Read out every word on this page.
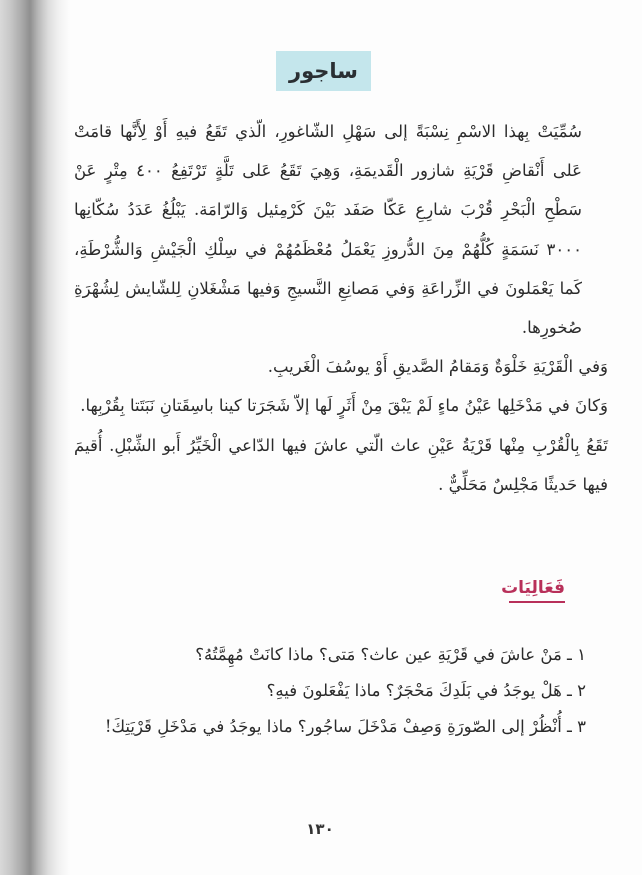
ساجور

سُمِّيَتْ بِهذا الاسْمِ نِسْبَةً إلى سَهْلِ الشّاغورِ، الّذي تَقَعُ فيهِ أَوْ لِأَنَّها قامَتْ عَلى أَنْقاضِ قَرْيَةِ شازور الْقَديمَةِ، وَهِيَ تَقَعُ عَلى تَلَّةٍ تَرْتَفِعُ ٤٠٠ مِتْرٍ عَنْ سَطْحِ الْبَحْرِ قُرْبَ شارِعِ عَكّا صَفَد بَيْنَ كَرْمِئيل وَالرّامَة. يَبْلُغُ عَدَدُ سُكّانِها ٣٠٠٠ نَسَمَةٍ كُلُّهُمْ مِنَ الدُّروزِ يَعْمَلُ مُعْظَمُهُمْ في سِلْكِ الْجَيْشِ وَالشُّرْطَةِ، كَما يَعْمَلونَ في الزِّراعَةِ وَفي مَصانِعِ النَّسيجِ وَفيها مَشْغَلانِ لِلشّايش لِشُهْرَةِ صُخورِها.

وَفي الْقَرْيَةِ خَلْوَةٌ وَمَقامُ الصَّديقِ أَوْ يوسُفَ الْغَريبِ.

وَكانَ في مَدْخَلِها عَيْنُ ماءٍ لَمْ يَبْقَ مِنْ أَثَرٍ لَها إلاّ شَجَرَتا كينا باسِقَتانِ نَبَتَتا بِقُرْبِها.

تَقَعُ بِالْقُرْبِ مِنْها قَرْيَةُ عَيْنِ عاث الّتي عاشَ فيها الدّاعي الْخَيِّرُ أَبو الشِّبْلِ. أُقيمَ فيها حَديثًا مَجْلِسٌ مَحَلِّيٌّ .

فَعَالِيَات

١ ـ مَنْ عاشَ في قَرْيَةِ عين عاث؟ مَتى؟ ماذا كانَتْ مُهِمَّتُهُ؟

٢ ـ هَلْ يوجَدُ في بَلَدِكَ مَحْجَرٌ؟ ماذا يَفْعَلونَ فيهِ؟

٣ ـ أُنْظُرْ إلى الصّورَةِ وَصِفْ مَدْخَلَ ساجُور؟ ماذا يوجَدُ في مَدْخَلِ قَرْيَتِكَ!

١٣٠
